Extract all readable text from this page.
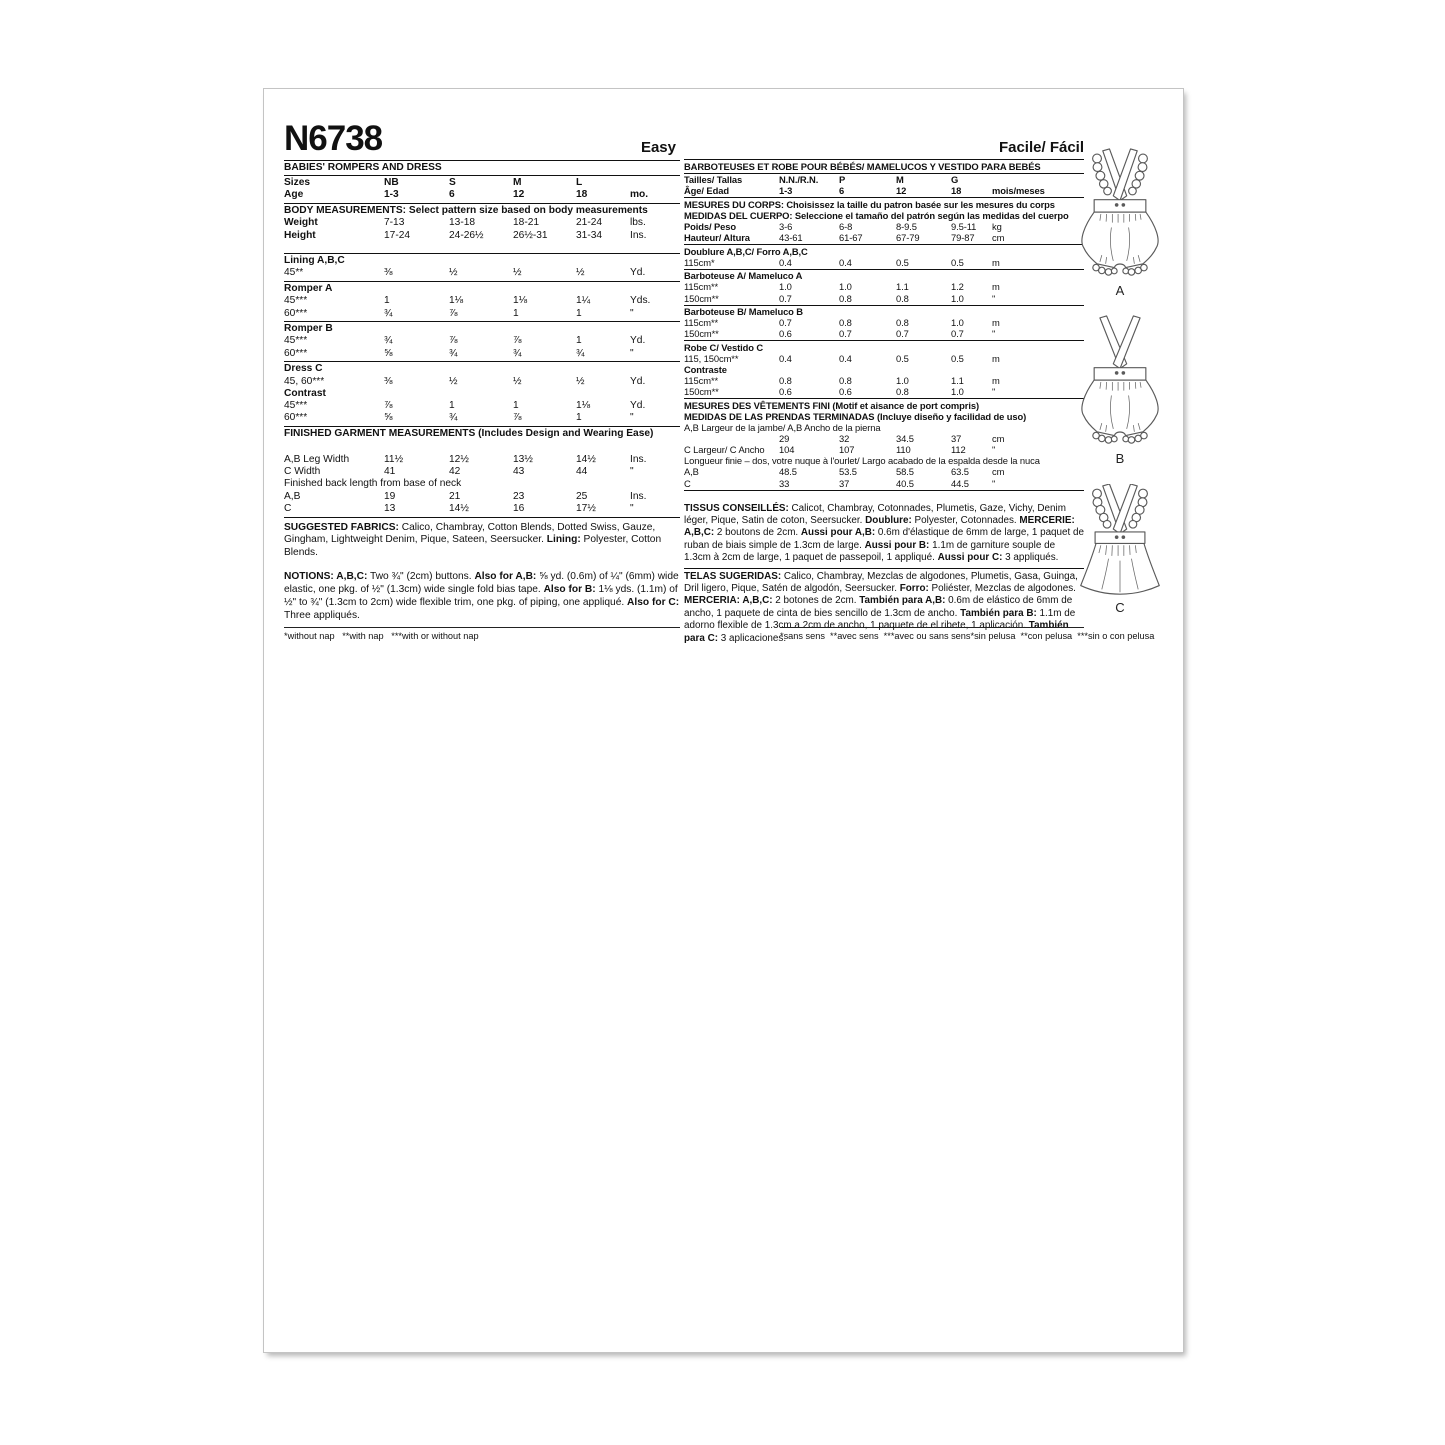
N6738	Easy	Facile/ Fácil
BABIES' ROMPERS AND DRESS
Sizes	NB	S	M	L
Age	1-3	6	12	18	mo.
BODY MEASUREMENTS: Select pattern size based on body measurements
Weight	7-13	13-18	18-21	21-24	lbs.
Height	17-24	24-26½	26½-31	31-34	Ins.
Lining A,B,C
45**	⅜	½	½	½	Yd.
Romper A
45***	1	1⅛	1⅛	1¼	Yds.
60***	¾	⅞	1	1	"
Romper B
45***	¾	⅞	⅞	1	Yd.
60***	⅝	¾	¾	¾	"
Dress C
45, 60***	⅜	½	½	½	Yd.
Contrast
45***	⅞	1	1	1⅛	Yd.
60***	⅝	¾	⅞	1	"
FINISHED GARMENT MEASUREMENTS (Includes Design and Wearing Ease)
A,B Leg Width	11½	12½	13½	14½	Ins.
C Width	41	42	43	44	"
Finished back length from base of neck
A,B	19	21	23	25	Ins.
C	13	14½	16	17½	"

SUGGESTED FABRICS: Calico, Chambray, Cotton Blends, Dotted Swiss, Gauze, Gingham, Lightweight Denim, Pique, Sateen, Seersucker. Lining: Polyester, Cotton Blends.

NOTIONS: A,B,C: Two ¾" (2cm) buttons. Also for A,B: ⅝ yd. (0.6m) of ¼" (6mm) wide elastic, one pkg. of ½" (1.3cm) wide single fold bias tape. Also for B: 1⅛ yds. (1.1m) of ½" to ¾" (1.3cm to 2cm) wide flexible trim, one pkg. of piping, one appliqué. Also for C: Three appliqués.

BARBOTEUSES ET ROBE POUR BÉBÉS/ MAMELUCOS Y VESTIDO PARA BEBÉS
Tailles/ Tallas	N.N./R.N.	P	M	G
Âge/ Edad	1-3	6	12	18	mois/meses
MESURES DU CORPS: Choisissez la taille du patron basée sur les mesures du corps
MEDIDAS DEL CUERPO: Seleccione el tamaño del patrón según las medidas del cuerpo
Poids/ Peso	3-6	6-8	8-9.5	9.5-11	kg
Hauteur/ Altura	43-61	61-67	67-79	79-87	cm
Doublure A,B,C/ Forro A,B,C
115cm*	0.4	0.4	0.5	0.5	m
Barboteuse A/ Mameluco A
115cm**	1.0	1.0	1.1	1.2	m
150cm**	0.7	0.8	0.8	1.0	"
Barboteuse B/ Mameluco B
115cm**	0.7	0.8	0.8	1.0	m
150cm**	0.6	0.7	0.7	0.7	"
Robe C/ Vestido C
115, 150cm**	0.4	0.4	0.5	0.5	m
Contraste
115cm**	0.8	0.8	1.0	1.1	m
150cm**	0.6	0.6	0.8	1.0	"
MESURES DES VÊTEMENTS FINI (Motif et aisance de port compris)
MEDIDAS DE LAS PRENDAS TERMINADAS (Incluye diseño y facilidad de uso)
A,B Largeur de la jambe/ A,B Ancho de la pierna
29	32	34.5	37	cm
C Largeur/ C Ancho	104	107	110	112	"
Longueur finie – dos, votre nuque à l'ourlet/ Largo acabado de la espalda desde la nuca
A,B	48.5	53.5	58.5	63.5	cm
C	33	37	40.5	44.5	"

TISSUS CONSEILLÉS: Calicot, Chambray, Cotonnades, Plumetis, Gaze, Vichy, Denim léger, Pique, Satin de coton, Seersucker. Doublure: Polyester, Cotonnades. MERCERIE: A,B,C: 2 boutons de 2cm. Aussi pour A,B: 0.6m d'élastique de 6mm de large, 1 paquet de ruban de biais simple de 1.3cm de large. Aussi pour B: 1.1m de garniture souple de 1.3cm à 2cm de large, 1 paquet de passepoil, 1 appliqué. Aussi pour C: 3 appliqués.

TELAS SUGERIDAS: Calico, Chambray, Mezclas de algodones, Plumetis, Gasa, Guinga, Dril ligero, Pique, Satén de algodón, Seersucker. Forro: Poliéster, Mezclas de algodones. MERCERIA: A,B,C: 2 botones de 2cm. También para A,B: 0.6m de elástico de 6mm de ancho, 1 paquete de cinta de bies sencillo de 1.3cm de ancho. También para B: 1.1m de adorno flexible de 1.3cm a 2cm de ancho, 1 paquete de el ribete, 1 aplicación. También para C: 3 aplicaciones.

*without nap   **with nap   ***with or without nap	*sans sens  **avec sens  ***avec ou sans sens *sin pelusa  **con pelusa  ***sin o con pelusa
A
B
C
